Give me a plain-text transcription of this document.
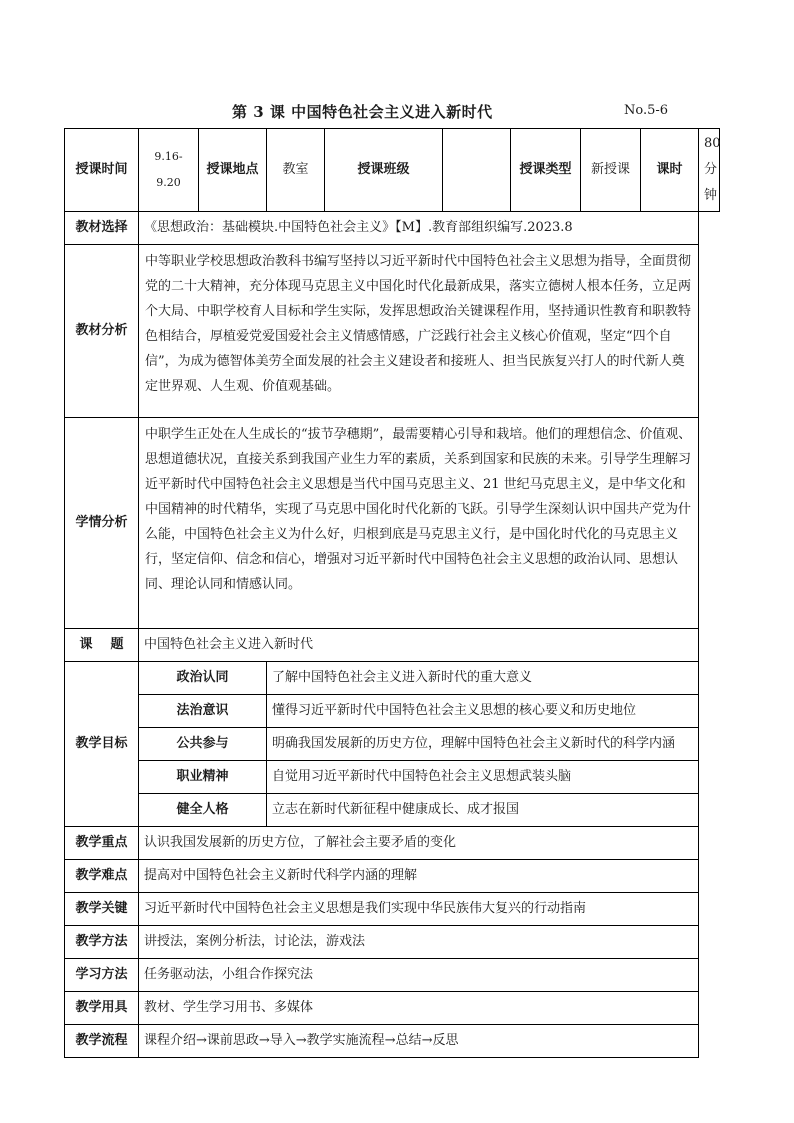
第 3 课 中国特色社会主义进入新时代	No.5-6
授课时间	9.16-9.20	授课地点	教室	授课班级		授课类型	新授课	课时	80 分钟
教材选择	《思想政治：基础模块.中国特色社会主义》【M】.教育部组织编写.2023.8								
教材分析	中等职业学校思想政治教科书编写坚持以习近平新时代中国特色社会主义思想为指导，全面贯彻党的二十大精神，充分体现马克思主义中国化时代化最新成果，落实立德树人根本任务，立足两个大局、中职学校育人目标和学生实际，发挥思想政治关键课程作用，坚持通识性教育和职教特色相结合，厚植爱党爱国爱社会主义情感情感，广泛践行社会主义核心价值观，坚定“四个自信”，为成为德智体美劳全面发展的社会主义建设者和接班人、担当民族复兴打人的时代新人奠定世界观、人生观、价值观基础。								
学情分析	中职学生正处在人生成长的“拔节孕穗期”，最需要精心引导和栽培。他们的理想信念、价值观、思想道德状况，直接关系到我国产业生力军的素质，关系到国家和民族的未来。引导学生理解习近平新时代中国特色社会主义思想是当代中国马克思主义、21 世纪马克思主义，是中华文化和中国精神的时代精华，实现了马克思中国化时代化新的飞跃。引导学生深刻认识中国共产党为什么能，中国特色社会主义为什么好，归根到底是马克思主义行，是中国化时代化的马克思主义行，坚定信仰、信念和信心，增强对习近平新时代中国特色社会主义思想的政治认同、思想认同、理论认同和情感认同。								
课    题	中国特色社会主义进入新时代								
教学目标	政治认同		了解中国特色社会主义进入新时代的重大意义						
	法治意识		懂得习近平新时代中国特色社会主义思想的核心要义和历史地位						
	公共参与		明确我国发展新的历史方位，理解中国特色社会主义新时代的科学内涵						
	职业精神		自觉用习近平新时代中国特色社会主义思想武装头脑						
	健全人格		立志在新时代新征程中健康成长、成才报国						
教学重点	认识我国发展新的历史方位，了解社会主要矛盾的变化								
教学难点	提高对中国特色社会主义新时代科学内涵的理解								
教学关键	习近平新时代中国特色社会主义思想是我们实现中华民族伟大复兴的行动指南								
教学方法	讲授法，案例分析法，讨论法，游戏法								
学习方法	任务驱动法，小组合作探究法								
教学用具	教材、学生学习用书、多媒体								
教学流程	课程介绍→课前思政→导入→教学实施流程→总结→反思								
